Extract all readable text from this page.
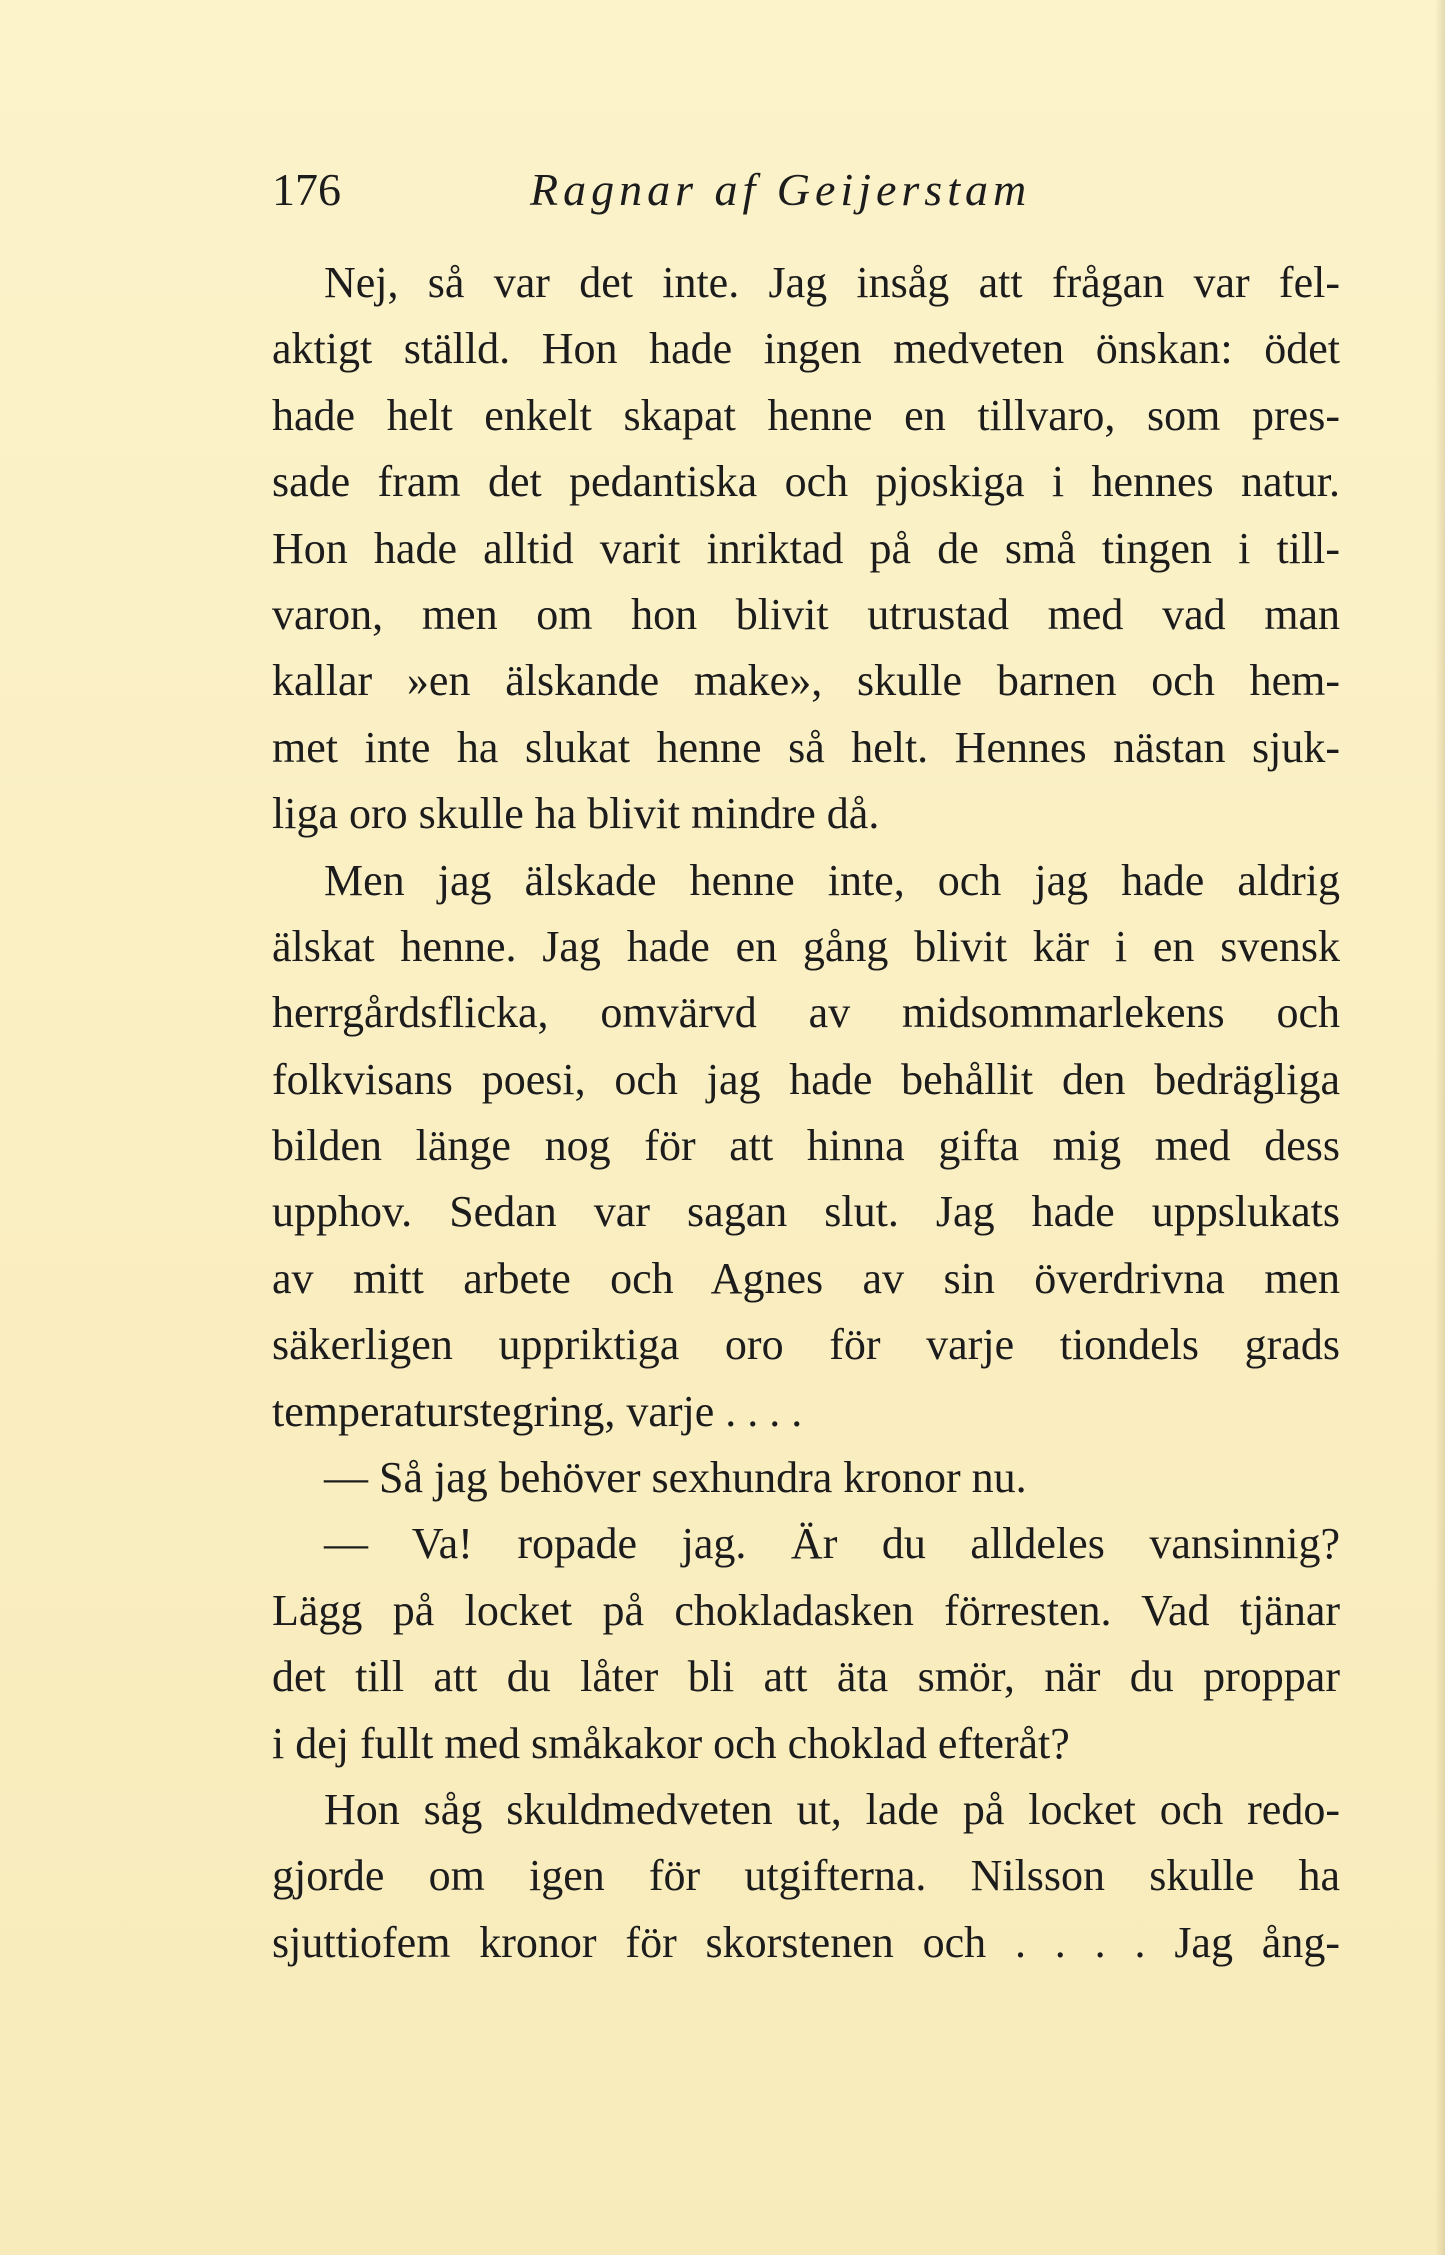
176	Ragnar af Geijerstam
Nej, så var det inte. Jag insåg att frågan var fel-
aktigt ställd. Hon hade ingen medveten önskan: ödet
hade helt enkelt skapat henne en tillvaro, som pres-
sade fram det pedantiska och pjoskiga i hennes natur.
Hon hade alltid varit inriktad på de små tingen i till-
varon, men om hon blivit utrustad med vad man
kallar »en älskande make», skulle barnen och hem-
met inte ha slukat henne så helt. Hennes nästan sjuk-
liga oro skulle ha blivit mindre då.
Men jag älskade henne inte, och jag hade aldrig
älskat henne. Jag hade en gång blivit kär i en svensk
herrgårdsflicka, omvärvd av midsommarlekens och
folkvisans poesi, och jag hade behållit den bedrägliga
bilden länge nog för att hinna gifta mig med dess
upphov. Sedan var sagan slut. Jag hade uppslukats
av mitt arbete och Agnes av sin överdrivna men
säkerligen uppriktiga oro för varje tiondels grads
temperaturstegring, varje . . . .
— Så jag behöver sexhundra kronor nu.
— Va! ropade jag. Är du alldeles vansinnig?
Lägg på locket på chokladasken förresten. Vad tjänar
det till att du låter bli att äta smör, när du proppar
i dej fullt med småkakor och choklad efteråt?
Hon såg skuldmedveten ut, lade på locket och redo-
gjorde om igen för utgifterna. Nilsson skulle ha
sjuttiofem kronor för skorstenen och . . . . Jag ång-
